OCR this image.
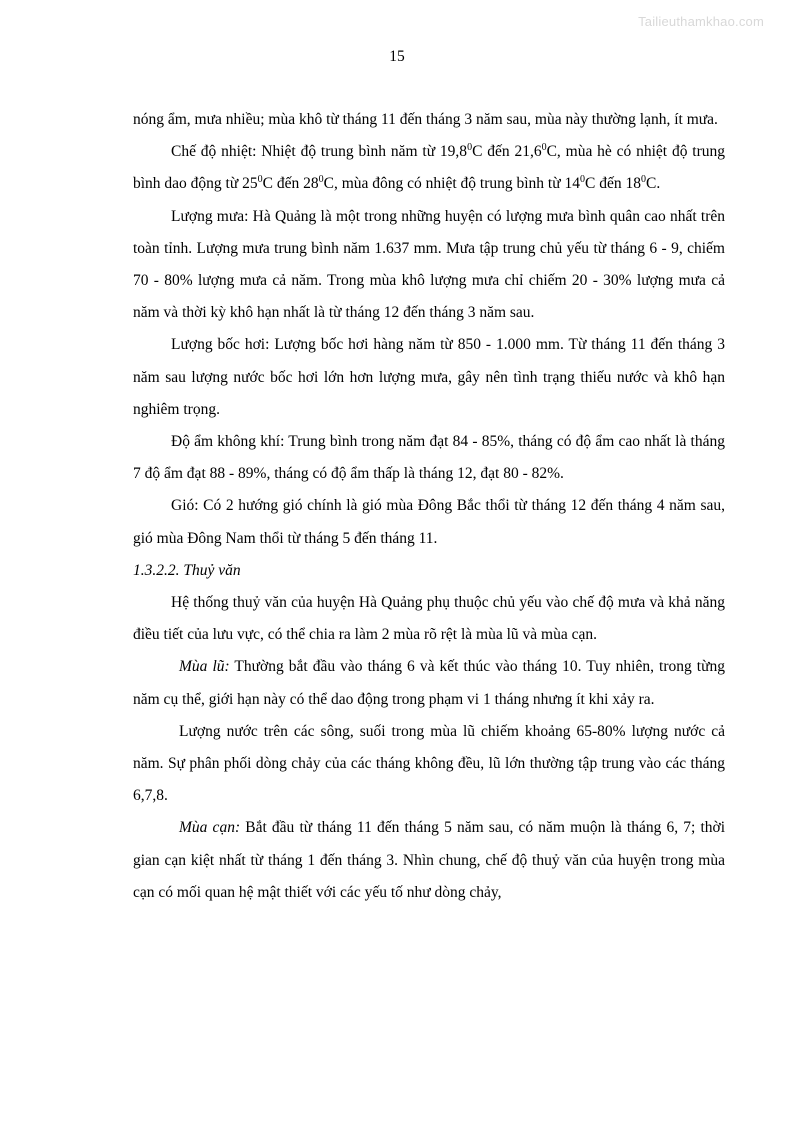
Tailieuthamkhao.com
15

nóng ẩm, mưa nhiều; mùa khô từ tháng 11 đến tháng 3 năm sau, mùa này thường lạnh, ít mưa.

Chế độ nhiệt: Nhiệt độ trung bình năm từ 19,8$^0$C đến 21,6$^0$C, mùa hè có nhiệt độ trung bình dao động từ $25^0C$ đến $28^0C$, mùa đông có nhiệt độ trung bình từ $14^0C$ đến $18^0C$.

Lượng mưa: Hà Quảng là một trong những huyện có lượng mưa bình quân cao nhất trên toàn tỉnh. Lượng mưa trung bình năm 1.637 mm. Mưa tập trung chủ yếu từ tháng 6 - 9, chiếm 70 - 80% lượng mưa cả năm. Trong mùa khô lượng mưa chỉ chiếm 20 - 30% lượng mưa cả năm và thời kỳ khô hạn nhất là từ tháng 12 đến tháng 3 năm sau.

Lượng bốc hơi: Lượng bốc hơi hàng năm từ 850 - 1.000 mm. Từ tháng 11 đến tháng 3 năm sau lượng nước bốc hơi lớn hơn lượng mưa, gây nên tình trạng thiếu nước và khô hạn nghiêm trọng.

Độ ẩm không khí: Trung bình trong năm đạt 84 - 85%, tháng có độ ẩm cao nhất là tháng 7 độ ẩm đạt 88 - 89%, tháng có độ ẩm thấp là tháng 12, đạt 80 - 82%.

Gió: Có 2 hướng gió chính là gió mùa Đông Bắc thổi từ tháng 12 đến tháng 4 năm sau, gió mùa Đông Nam thổi từ tháng 5 đến tháng 11.

1.3.2.2. Thuỷ văn

Hệ thống thuỷ văn của huyện Hà Quảng phụ thuộc chủ yếu vào chế độ mưa và khả năng điều tiết của lưu vực, có thể chia ra làm 2 mùa rõ rệt là mùa lũ và mùa cạn.

Mùa lũ: Thường bắt đầu vào tháng 6 và kết thúc vào tháng 10. Tuy nhiên, trong từng năm cụ thể, giới hạn này có thể dao động trong phạm vi 1 tháng nhưng ít khi xảy ra.

Lượng nước trên các sông, suối trong mùa lũ chiếm khoảng 65-80% lượng nước cả năm. Sự phân phối dòng chảy của các tháng không đều, lũ lớn thường tập trung vào các tháng 6,7,8.

Mùa cạn: Bắt đầu từ tháng 11 đến tháng 5 năm sau, có năm muộn là tháng 6, 7; thời gian cạn kiệt nhất từ tháng 1 đến tháng 3. Nhìn chung, chế độ thuỷ văn của huyện trong mùa cạn có mối quan hệ mật thiết với các yếu tố như dòng chảy,
